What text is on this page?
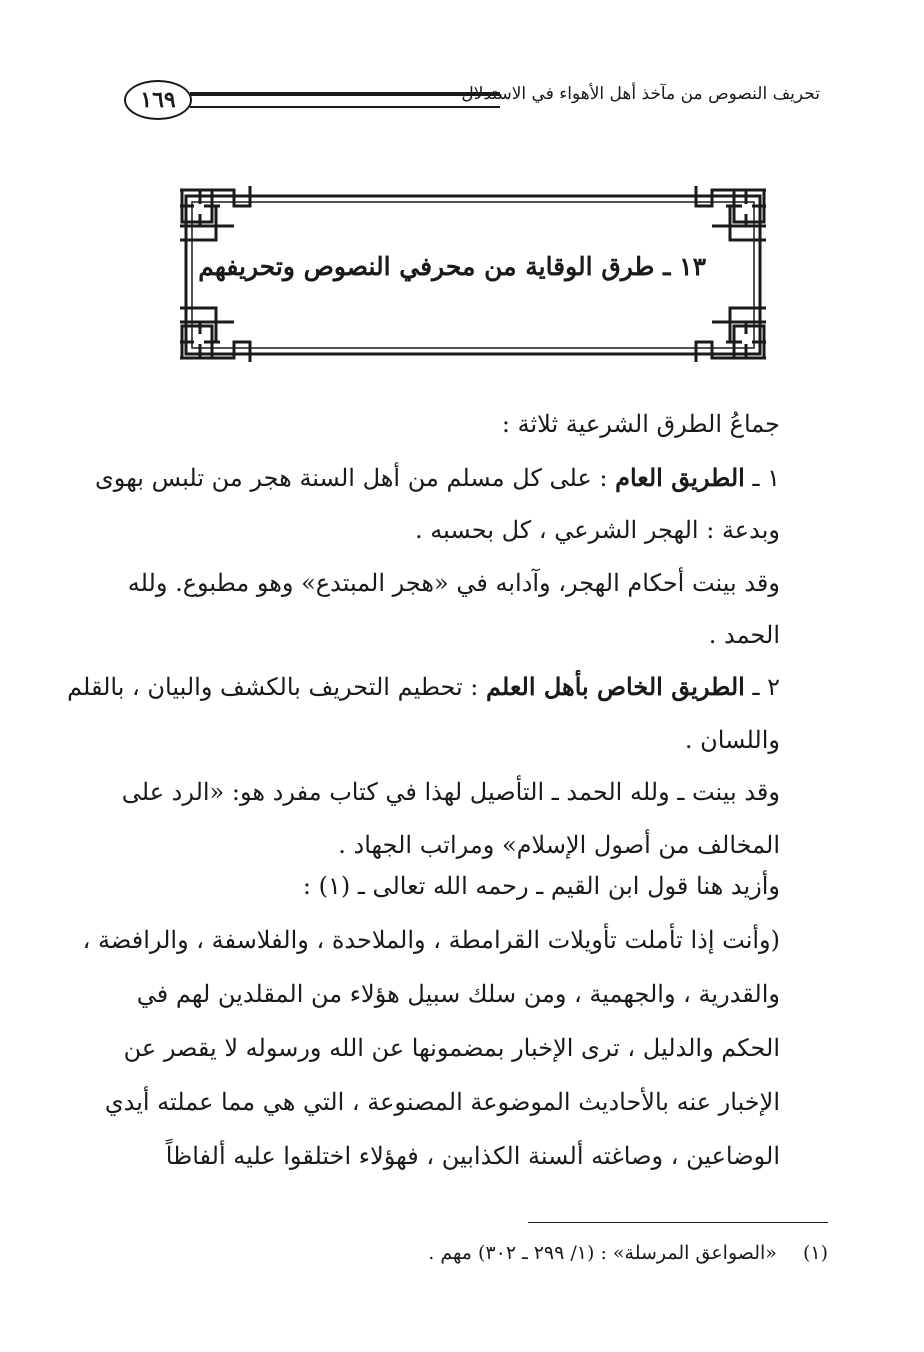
١٦٩	تحريف النصوص من مآخذ أهل الأهواء في الاستدلال
١٣ ـ طرق الوقاية من محرفي النصوص وتحريفهم
جماعُ الطرق الشرعية ثلاثة :
١ ـ الطريق العام : على كل مسلم من أهل السنة هجر من تلبس بهوى
وبدعة : الهجر الشرعي ، كل بحسبه .
وقد بينت أحكام الهجر، وآدابه في «هجر المبتدع» وهو مطبوع. ولله
الحمد .
٢ ـ الطريق الخاص بأهل العلم : تحطيم التحريف بالكشف والبيان ، بالقلم
واللسان .
وقد بينت ـ ولله الحمد ـ التأصيل لهذا في كتاب مفرد هو: «الرد على
المخالف من أصول الإسلام» ومراتب الجهاد .
وأزيد هنا قول ابن القيم ـ رحمه الله تعالى ـ (١) :
(وأنت إذا تأملت تأويلات القرامطة ، والملاحدة ، والفلاسفة ، والرافضة ،
والقدرية ، والجهمية ، ومن سلك سبيل هؤلاء من المقلدين لهم في
الحكم والدليل ، ترى الإخبار بمضمونها عن الله ورسوله لا يقصر عن
الإخبار عنه بالأحاديث الموضوعة المصنوعة ، التي هي مما عملته أيدي
الوضاعين ، وصاغته ألسنة الكذابين ، فهؤلاء اختلقوا عليه ألفاظاً
(١)«الصواعق المرسلة» : (١/ ٢٩٩ ـ ٣٠٢) مهم .
